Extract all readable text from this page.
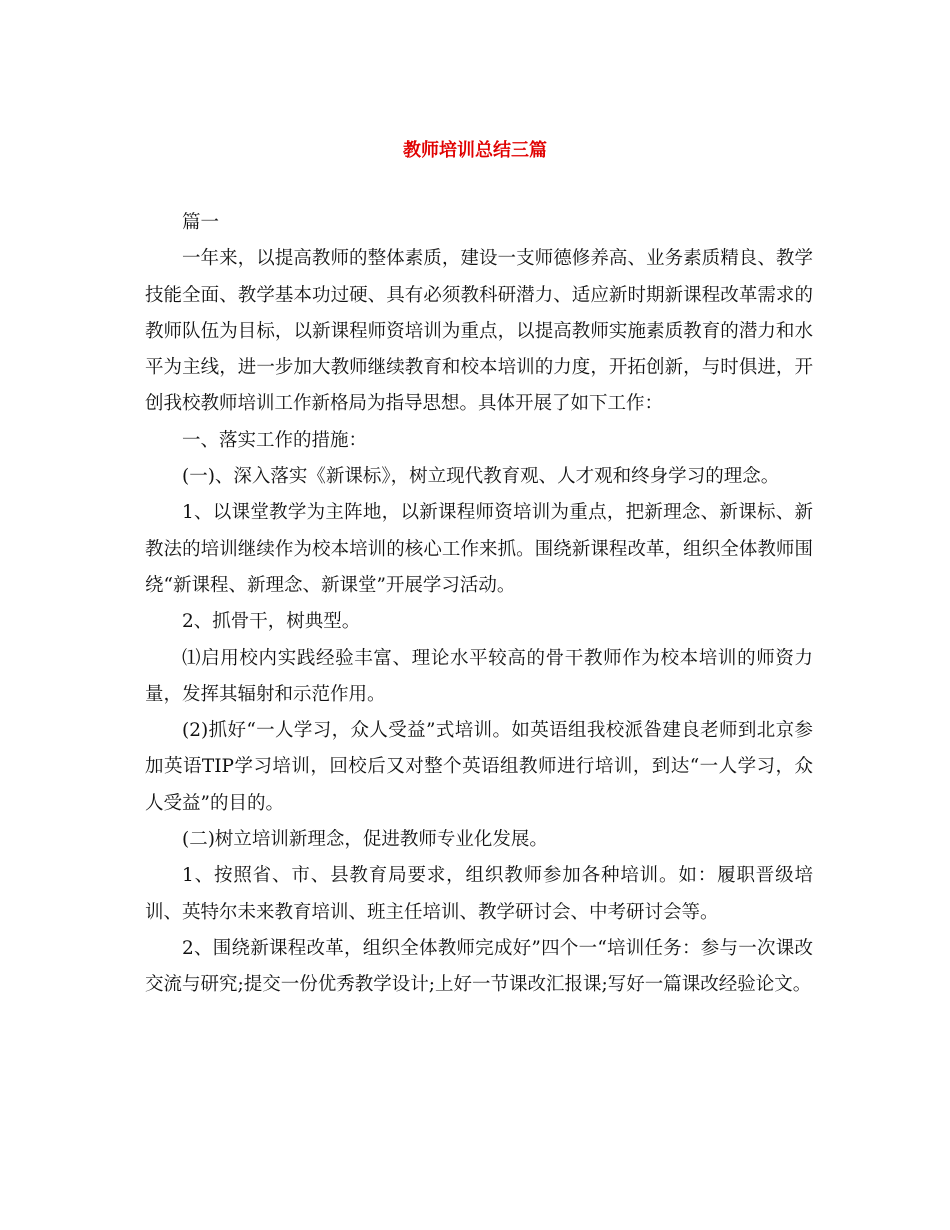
教师培训总结三篇

篇一

一年来，以提高教师的整体素质，建设一支师德修养高、业务素质精良、教学技能全面、教学基本功过硬、具有必须教科研潜力、适应新时期新课程改革需求的教师队伍为目标，以新课程师资培训为重点，以提高教师实施素质教育的潜力和水平为主线，进一步加大教师继续教育和校本培训的力度，开拓创新，与时俱进，开创我校教师培训工作新格局为指导思想。具体开展了如下工作：

一、落实工作的措施：

(一)、深入落实《新课标》，树立现代教育观、人才观和终身学习的理念。

1、以课堂教学为主阵地，以新课程师资培训为重点，把新理念、新课标、新教法的培训继续作为校本培训的核心工作来抓。围绕新课程改革，组织全体教师围绕“新课程、新理念、新课堂”开展学习活动。

2、抓骨干，树典型。

⑴启用校内实践经验丰富、理论水平较高的骨干教师作为校本培训的师资力量，发挥其辐射和示范作用。

(2)抓好“一人学习，众人受益”式培训。如英语组我校派昝建良老师到北京参加英语TIP学习培训，回校后又对整个英语组教师进行培训，到达“一人学习，众人受益”的目的。

(二)树立培训新理念，促进教师专业化发展。

1、按照省、市、县教育局要求，组织教师参加各种培训。如：履职晋级培训、英特尔未来教育培训、班主任培训、教学研讨会、中考研讨会等。

2、围绕新课程改革，组织全体教师完成好”四个一“培训任务：参与一次课改交流与研究;提交一份优秀教学设计;上好一节课改汇报课;写好一篇课改经验论文。
